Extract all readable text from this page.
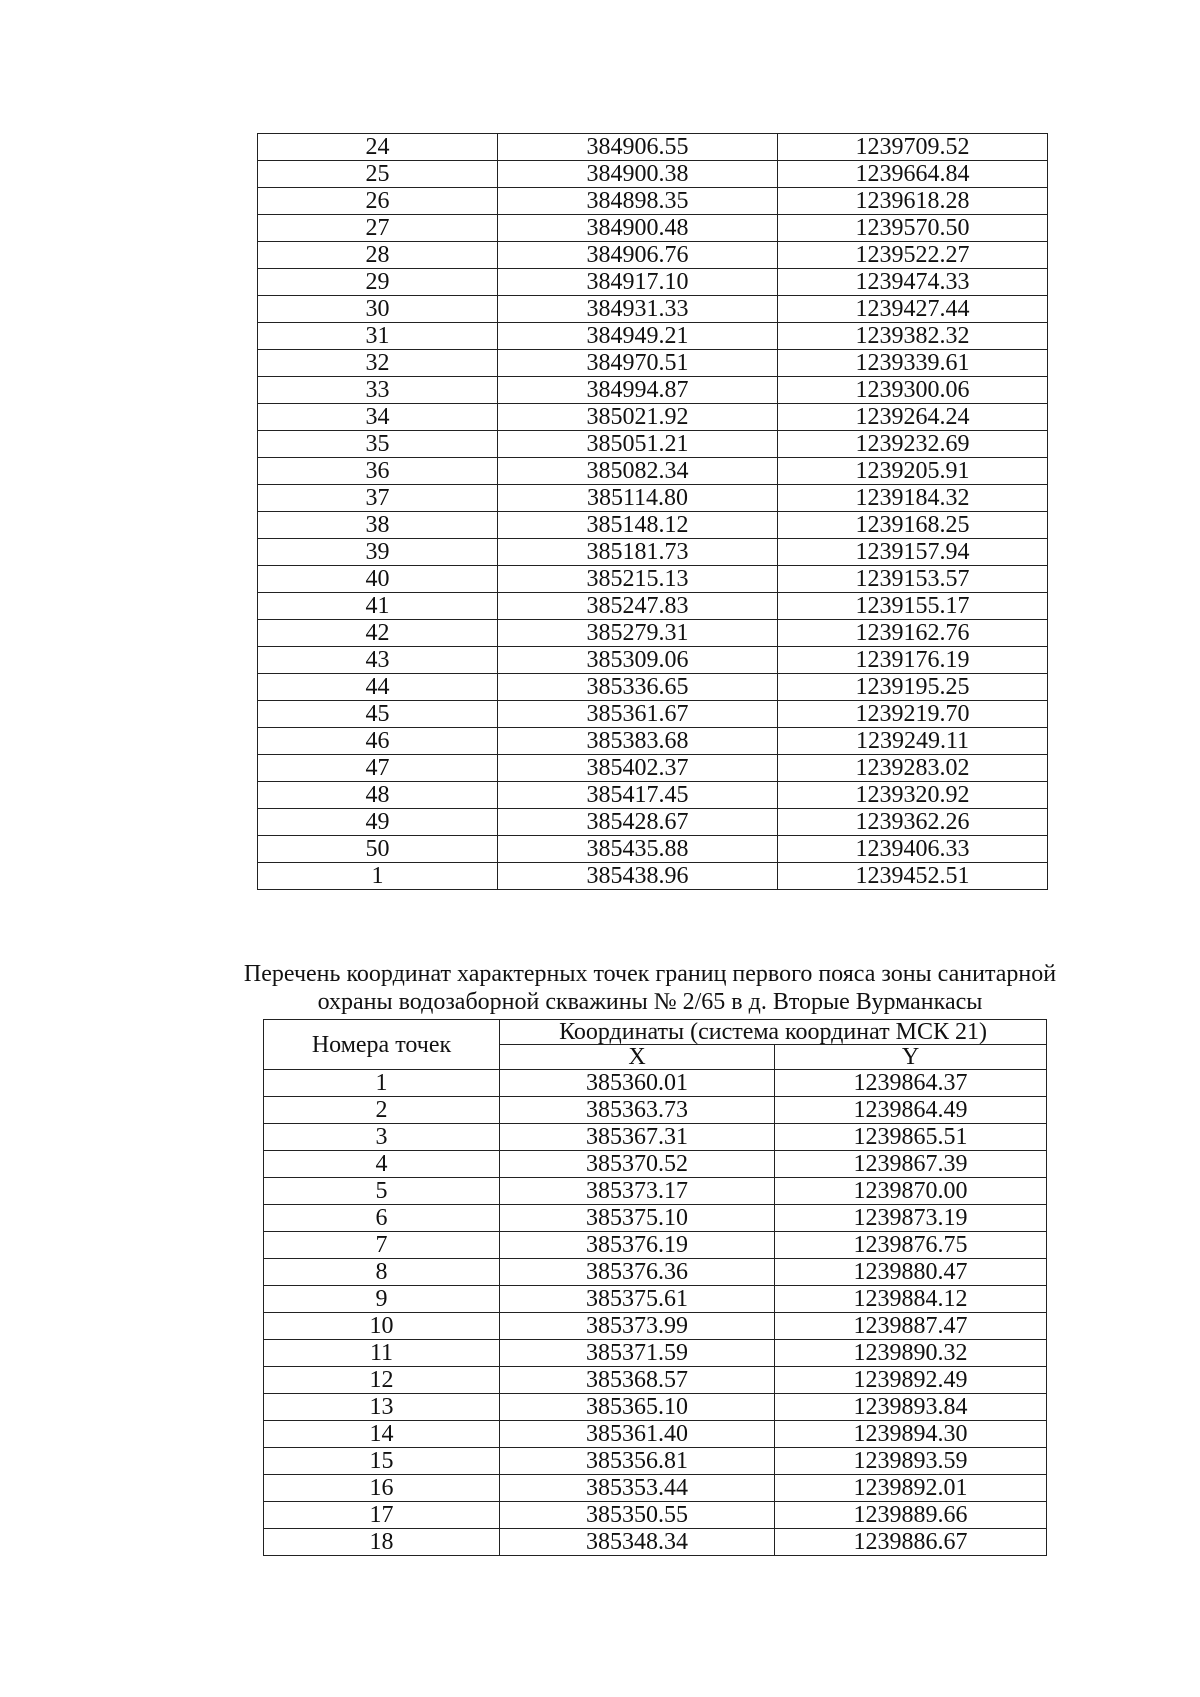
24	384906.55	1239709.52
25	384900.38	1239664.84
26	384898.35	1239618.28
27	384900.48	1239570.50
28	384906.76	1239522.27
29	384917.10	1239474.33
30	384931.33	1239427.44
31	384949.21	1239382.32
32	384970.51	1239339.61
33	384994.87	1239300.06
34	385021.92	1239264.24
35	385051.21	1239232.69
36	385082.34	1239205.91
37	385114.80	1239184.32
38	385148.12	1239168.25
39	385181.73	1239157.94
40	385215.13	1239153.57
41	385247.83	1239155.17
42	385279.31	1239162.76
43	385309.06	1239176.19
44	385336.65	1239195.25
45	385361.67	1239219.70
46	385383.68	1239249.11
47	385402.37	1239283.02
48	385417.45	1239320.92
49	385428.67	1239362.26
50	385435.88	1239406.33
1	385438.96	1239452.51
Перечень координат характерных точек границ первого пояса зоны санитарной
охраны водозаборной скважины № 2/65 в д. Вторые Вурманкасы
Номера точек	Координаты (система координат МСК 21)	
	X	Y
1	385360.01	1239864.37
2	385363.73	1239864.49
3	385367.31	1239865.51
4	385370.52	1239867.39
5	385373.17	1239870.00
6	385375.10	1239873.19
7	385376.19	1239876.75
8	385376.36	1239880.47
9	385375.61	1239884.12
10	385373.99	1239887.47
11	385371.59	1239890.32
12	385368.57	1239892.49
13	385365.10	1239893.84
14	385361.40	1239894.30
15	385356.81	1239893.59
16	385353.44	1239892.01
17	385350.55	1239889.66
18	385348.34	1239886.67
